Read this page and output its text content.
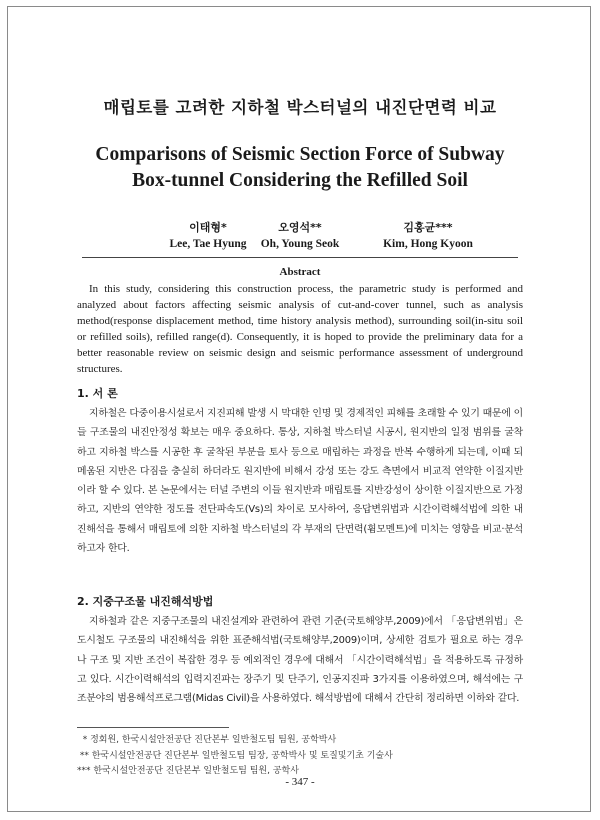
매립토를 고려한 지하철 박스터널의 내진단면력 비교
Comparisons of Seismic Section Force of Subway
Box-tunnel Considering the Refilled Soil
이태형*
Lee, Tae Hyung
오영석**
Oh, Young Seok
김홍균***
Kim, Hong Kyoon
Abstract

In this study, considering this construction process, the parametric study is performed and analyzed about factors affecting seismic analysis of cut-and-cover tunnel, such as analysis method(response displacement method, time history analysis method), surrounding soil(in-situ soil or refilled soils), refilled range(d). Consequently, it is hoped to provide the preliminary data for a better reasonable review on seismic design and seismic performance assessment of underground structures.

1. 서 론

지하철은 다중이용시설로서 지진피해 발생 시 막대한 인명 및 경제적인 피해를 초래할 수 있기 때문에 이들 구조물의 내진안정성 확보는 매우 중요하다. 통상, 지하철 박스터널 시공시, 원지반의 일정 범위를 굴착하고 지하철 박스를 시공한 후 굴착된 부분을 토사 등으로 매립하는 과정을 반복 수행하게 되는데, 이때 되메움된 지반은 다짐을 충실히 하더라도 원지반에 비해서 강성 또는 강도 측면에서 비교적 연약한 이질지반이라 할 수 있다. 본 논문에서는 터널 주변의 이들 원지반과 매립토를 지반강성이 상이한 이질지반으로 가정하고, 지반의 연약한 정도를 전단파속도(Vs)의 차이로 모사하여, 응답변위법과 시간이력해석법에 의한 내진해석을 통해서 매립토에 의한 지하철 박스터널의 각 부재의 단면력(휨모멘트)에 미치는 영향을 비교·분석하고자 한다.

2. 지중구조물 내진해석방법

지하철과 같은 지중구조물의 내진설계와 관련하여 관련 기준(국토해양부,2009)에서 「응답변위법」은 도시철도 구조물의 내진해석을 위한 표준해석법(국토해양부,2009)이며, 상세한 검토가 필요로 하는 경우나 구조 및 지반 조건이 복잡한 경우 등 예외적인 경우에 대해서 「시간이력해석법」을 적용하도록 규정하고 있다. 시간이력해석의 입력지진파는 장주기 및 단주기, 인공지진파 3가지를 이용하였으며, 해석에는 구조분야의 범용해석프로그램(Midas Civil)을 사용하였다. 해석방법에 대해서 간단히 정리하면 이하와 같다.

* 정회원, 한국시설안전공단 진단본부 일반철도팀 팀원, 공학박사
** 한국시설안전공단 진단본부 일반철도팀 팀장, 공학박사 및 토질및기초 기술사
*** 한국시설안전공단 진단본부 일반철도팀 팀원, 공학사
- 347 -
